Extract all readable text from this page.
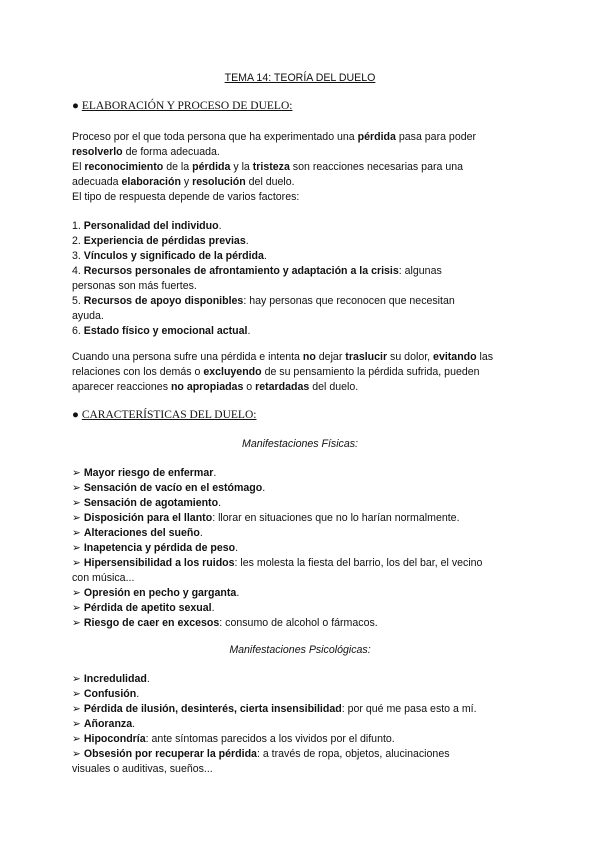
TEMA 14: TEORÍA DEL DUELO
● ELABORACIÓN Y PROCESO DE DUELO:
Proceso por el que toda persona que ha experimentado una pérdida pasa para poder
resolverlo de forma adecuada.
El reconocimiento de la pérdida y la tristeza son reacciones necesarias para una
adecuada elaboración y resolución del duelo.
El tipo de respuesta depende de varios factores:
1. Personalidad del individuo.
2. Experiencia de pérdidas previas.
3. Vínculos y significado de la pérdida.
4. Recursos personales de afrontamiento y adaptación a la crisis: algunas
personas son más fuertes.
5. Recursos de apoyo disponibles: hay personas que reconocen que necesitan
ayuda.
6. Estado físico y emocional actual.
Cuando una persona sufre una pérdida e intenta no dejar traslucir su dolor, evitando las
relaciones con los demás o excluyendo de su pensamiento la pérdida sufrida, pueden
aparecer reacciones no apropiadas o retardadas del duelo.
● CARACTERÍSTICAS DEL DUELO:
Manifestaciones Físicas:
➢ Mayor riesgo de enfermar.
➢ Sensación de vacío en el estómago.
➢ Sensación de agotamiento.
➢ Disposición para el llanto: llorar en situaciones que no lo harían normalmente.
➢ Alteraciones del sueño.
➢ Inapetencia y pérdida de peso.
➢ Hipersensibilidad a los ruidos: les molesta la fiesta del barrio, los del bar, el vecino
con música...
➢ Opresión en pecho y garganta.
➢ Pérdida de apetito sexual.
➢ Riesgo de caer en excesos: consumo de alcohol o fármacos.
Manifestaciones Psicológicas:
➢ Incredulidad.
➢ Confusión.
➢ Pérdida de ilusión, desinterés, cierta insensibilidad: por qué me pasa esto a mí.
➢ Añoranza.
➢ Hipocondría: ante síntomas parecidos a los vividos por el difunto.
➢ Obsesión por recuperar la pérdida: a través de ropa, objetos, alucinaciones
visuales o auditivas, sueños...
